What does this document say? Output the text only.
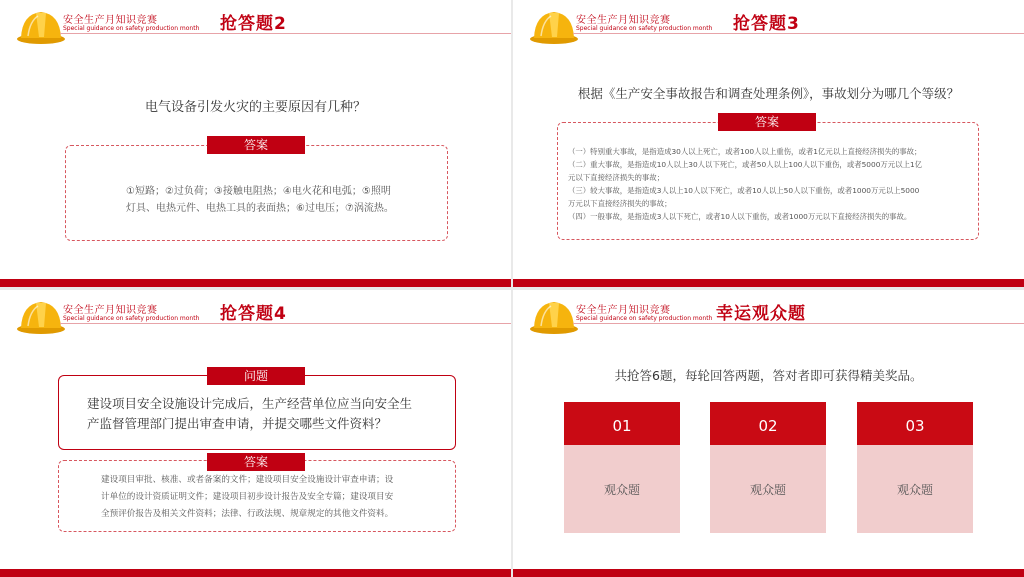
安全生产月知识竞赛
Special guidance on safety production month 抢答题2
电气设备引发火灾的主要原因有几种？
①短路；②过负荷；③接触电阻热；④电火花和电弧；⑤照明
灯具、电热元件、电热工具的表面热；⑥过电压；⑦涡流热。
答案
安全生产月知识竞赛
Special guidance on safety production month 抢答题3
根据《生产安全事故报告和调查处理条例》，事故划分为哪几个等级？
（一）特别重大事故，是指造成30人以上死亡，或者100人以上重伤，或者1亿元以上直接经济损失的事故；
（二）重大事故，是指造成10人以上30人以下死亡，或者50人以上100人以下重伤，或者5000万元以上1亿
元以下直接经济损失的事故；
（三）较大事故，是指造成3人以上10人以下死亡，或者10人以上50人以下重伤，或者1000万元以上5000
万元以下直接经济损失的事故；
（四）一般事故，是指造成3人以下死亡，或者10人以下重伤，或者1000万元以下直接经济损失的事故。
答案
安全生产月知识竞赛
Special guidance on safety production month 抢答题4
建设项目安全设施设计完成后，生产经营单位应当向安全生
产监督管理部门提出审查申请，并提交哪些文件资料？
问题
建设项目审批、核准、或者备案的文件；建设项目安全设施设计审查申请；设
计单位的设计资质证明文件；建设项目初步设计报告及安全专篇；建设项目安
全预评价报告及相关文件资料；法律、行政法规、规章规定的其他文件资料。
答案
安全生产月知识竞赛
Special guidance on safety production month 幸运观众题
共抢答6题，每轮回答两题，答对者即可获得精美奖品。
01
观众题
02
观众题
03
观众题
